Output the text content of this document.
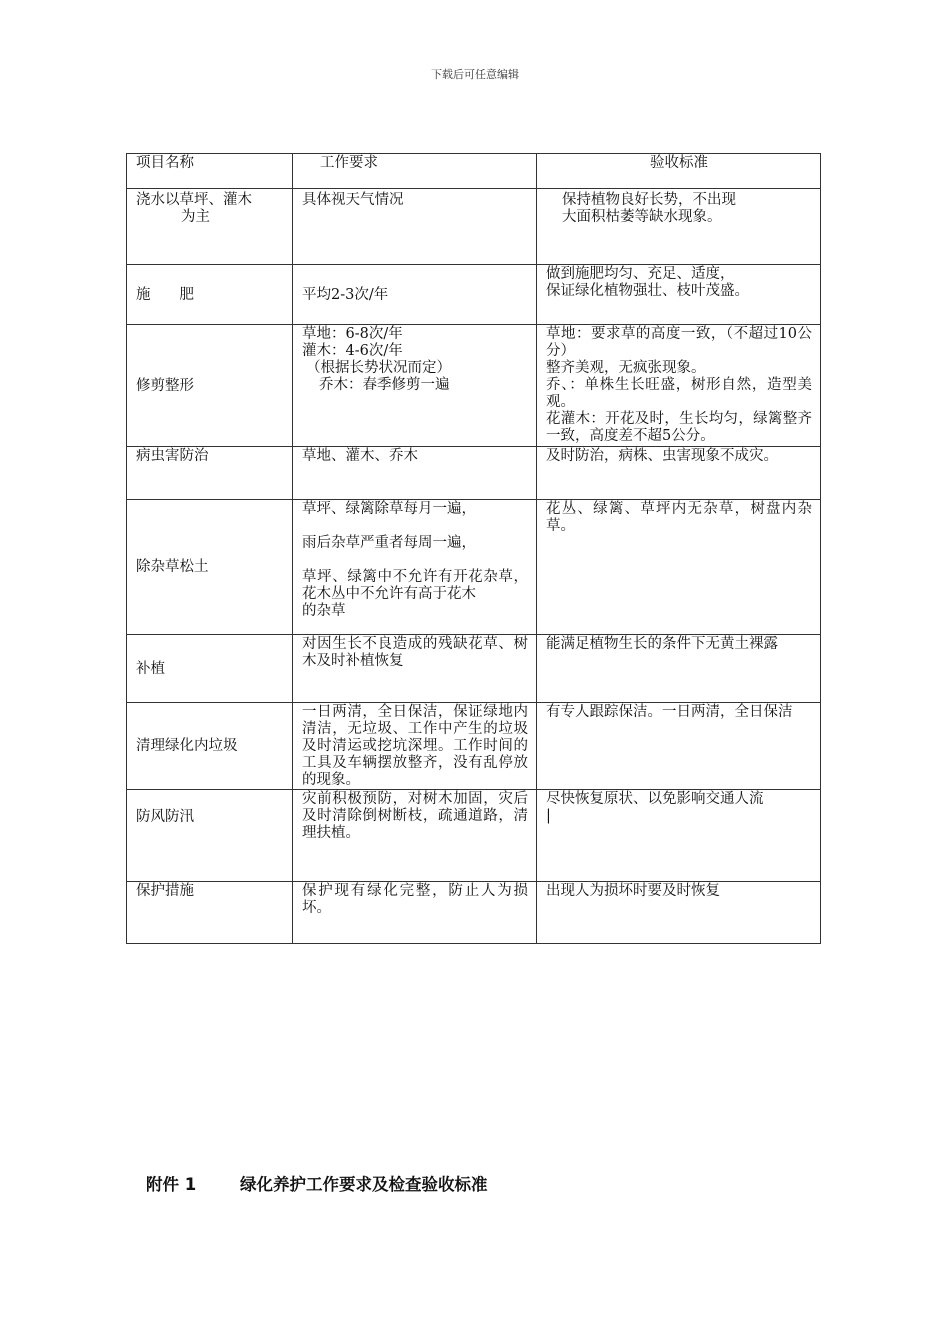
下载后可任意编辑
项目名称	工作要求	验收标准

浇水以草坪、灌木
为主	具体视天气情况	保持植物良好长势，不出现
大面积枯萎等缺水现象。

施　　肥	平均2-3次/年	做到施肥均匀、充足、适度，
保证绿化植物强壮、枝叶茂盛。

修剪整形	草地：6-8次/年
灌木：4-6次/年
（根据长势状况而定）
乔木：春季修剪一遍	草地：要求草的高度一致，（不超过10公分）
整齐美观，无疯张现象。
乔、：单株生长旺盛，树形自然，造型美观。
花灌木：开花及时，生长均匀，绿篱整齐一致，高度差不超5公分。

病虫害防治	草地、灌木、乔木	及时防治，病株、虫害现象不成灾。

除杂草松土	草坪、绿篱除草每月一遍，
雨后杂草严重者每周一遍，
草坪、绿篱中不允许有开花杂草，花木丛中不允许有高于花木
的杂草	花丛、绿篱、草坪内无杂草，树盘内杂草。

补植	对因生长不良造成的残缺花草、树木及时补植恢复	能满足植物生长的条件下无黄土裸露

清理绿化内垃圾	一日两清，全日保洁，保证绿地内清洁，无垃圾、工作中产生的垃圾及时清运或挖坑深埋。工作时间的工具及车辆摆放整齐，没有乱停放的现象。	有专人跟踪保洁。一日两清，全日保洁

防风防汛	灾前积极预防，对树木加固，灾后及时清除倒树断枝，疏通道路，清理扶植。	尽快恢复原状、以免影响交通人流
|

保护措施	保护现有绿化完整，防止人为损坏。	出现人为损坏时要及时恢复
附件 1	绿化养护工作要求及检查验收标准
